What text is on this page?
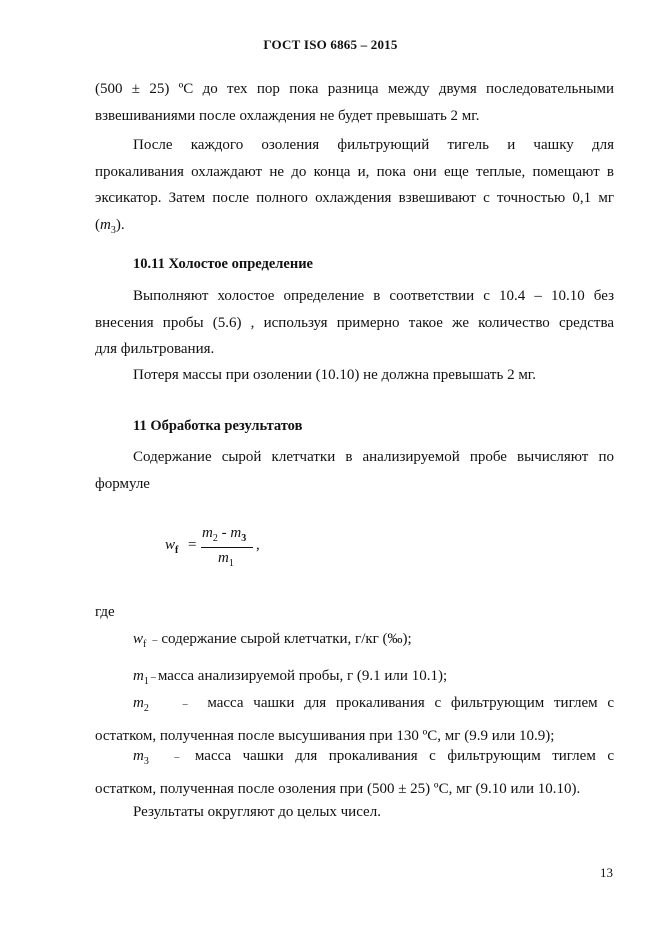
ГОСТ ISO 6865 – 2015
(500 ± 25) ºС до тех пор пока разница между двумя последовательными
взвешиваниями после охлаждения не будет превышать 2 мг.
После каждого озоления фильтрующий тигель и чашку для
прокаливания охлаждают не до конца и, пока они еще теплые, помещают в
эксикатор. Затем после полного охлаждения взвешивают с точностью 0,1 мг
$(m_3)$.
10.11 Холостое определение
Выполняют холостое определение в соответствии с 10.4 – 10.10 без
внесения пробы (5.6) , используя примерно такое же количество средства
для фильтрования.
Потеря массы при озолении (10.10) не должна превышать 2 мг.
11 Обработка результатов
Содержание сырой клетчатки в анализируемой пробе вычисляют по
формуле
$w_f$ =
$m_2 - m_3$
$m_1$
,
где
$w_f$ – содержание сырой клетчатки, г/кг (‰);
$m_1$ – масса анализируемой пробы, г (9.1 или 10.1);
$m_2$	– масса чашки для прокаливания с фильтрующим тиглем с
остатком, полученная после высушивания при 130 ºС, мг (9.9 или 10.9);
$m_3$	– масса чашки для прокаливания с фильтрующим тиглем с
остатком, полученная после озоления при (500 ± 25) ºС, мг (9.10 или 10.10).
Результаты округляют до целых чисел.
13
